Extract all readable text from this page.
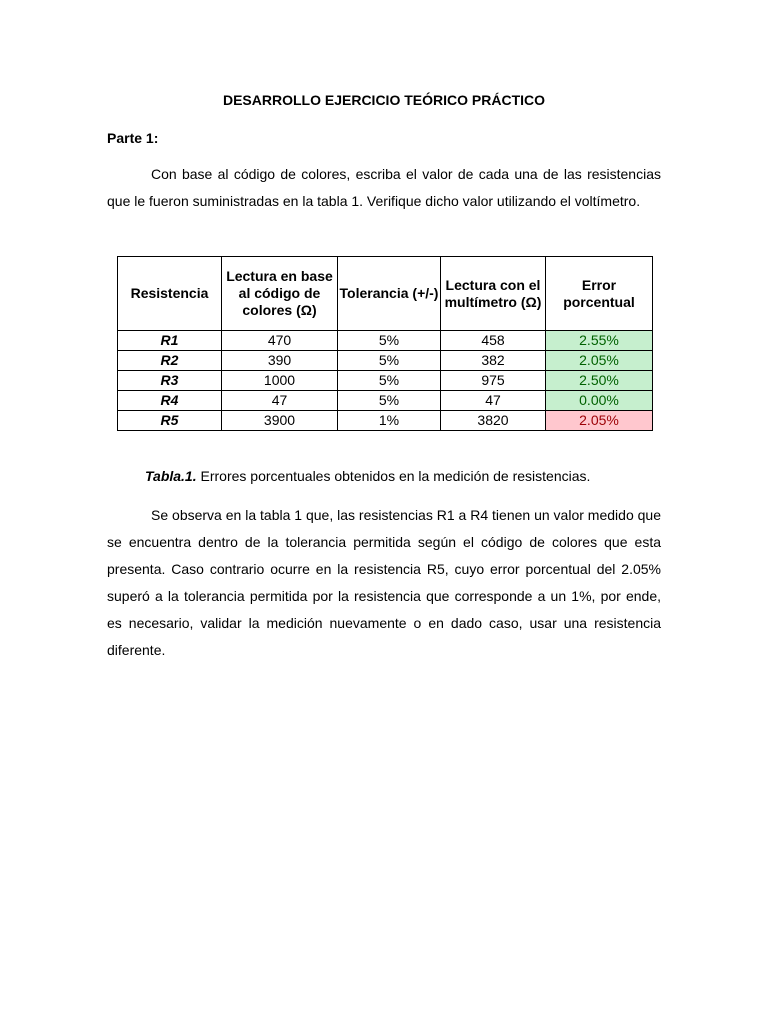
DESARROLLO EJERCICIO TEÓRICO PRÁCTICO
Parte 1:

Con base al código de colores, escriba el valor de cada una de las resistencias que le fueron suministradas en la tabla 1. Verifique dicho valor utilizando el voltímetro.

Resistencia	Lectura en base al código de colores (Ω)	Tolerancia (+/-)	Lectura con el multímetro (Ω)	Error porcentual
R1	470	5%	458	2.55%
R2	390	5%	382	2.05%
R3	1000	5%	975	2.50%
R4	47	5%	47	0.00%
R5	3900	1%	3820	2.05%
Tabla.1. Errores porcentuales obtenidos en la medición de resistencias.

Se observa en la tabla 1 que, las resistencias R1 a R4 tienen un valor medido que se encuentra dentro de la tolerancia permitida según el código de colores que esta presenta. Caso contrario ocurre en la resistencia R5, cuyo error porcentual del 2.05% superó a la tolerancia permitida por la resistencia que corresponde a un 1%, por ende, es necesario, validar la medición nuevamente o en dado caso, usar una resistencia diferente.
